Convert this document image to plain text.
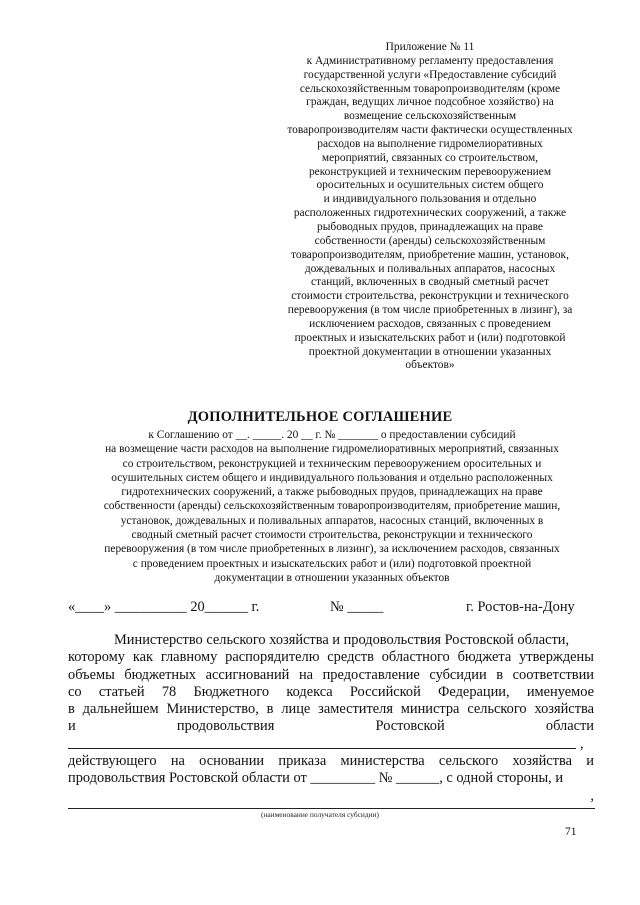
Приложение № 11
к Административному регламенту предоставления
государственной услуги «Предоставление субсидий
сельскохозяйственным товаропроизводителям (кроме
граждан, ведущих личное подсобное хозяйство) на
возмещение сельскохозяйственным
товаропроизводителям части фактически осуществленных
расходов на выполнение гидромелиоративных
мероприятий, связанных со строительством,
реконструкцией и техническим перевооружением
оросительных и осушительных систем общего
и индивидуального пользования и отдельно
расположенных гидротехнических сооружений, а также
рыбоводных прудов, принадлежащих на праве
собственности (аренды) сельскохозяйственным
товаропроизводителям, приобретение машин, установок,
дождевальных и поливальных аппаратов, насосных
станций, включенных в сводный сметный расчет
стоимости строительства, реконструкции и технического
перевооружения (в том числе приобретенных в лизинг), за
исключением расходов, связанных с проведением
проектных и изыскательских работ и (или) подготовкой
проектной документации в отношении указанных
объектов»
ДОПОЛНИТЕЛЬНОЕ СОГЛАШЕНИЕ
к Соглашению от __. _____. 20 __ г. № _______ о предоставлении субсидий
на возмещение части расходов на выполнение гидромелиоративных мероприятий, связанных
со строительством, реконструкцией и техническим перевооружением оросительных и
осушительных систем общего и индивидуального пользования и отдельно расположенных
гидротехнических сооружений, а также рыбоводных прудов, принадлежащих на праве
собственности (аренды) сельскохозяйственным товаропроизводителям, приобретение машин,
установок, дождевальных и поливальных аппаратов, насосных станций, включенных в
сводный сметный расчет стоимости строительства, реконструкции и технического
перевооружения (в том числе приобретенных в лизинг), за исключением расходов, связанных
с проведением проектных и изыскательских работ и (или) подготовкой проектной
документации в отношении указанных объектов
«____» __________ 20______ г.	№ _____	г. Ростов-на-Дону
Министерство сельского хозяйства и продовольствия Ростовской области,
которому как главному распорядителю средств областного бюджета утверждены
объемы бюджетных ассигнований на предоставление субсидии в соответствии
со статьей 78 Бюджетного кодекса Российской Федерации, именуемое
в дальнейшем Министерство, в лице заместителя министра сельского хозяйства
и	продовольствия	Ростовской	области
,
действующего на основании приказа министерства сельского хозяйства и
продовольствия Ростовской области от _________ № ______, с одной стороны, и
,
(наименование получателя субсидии)
71
